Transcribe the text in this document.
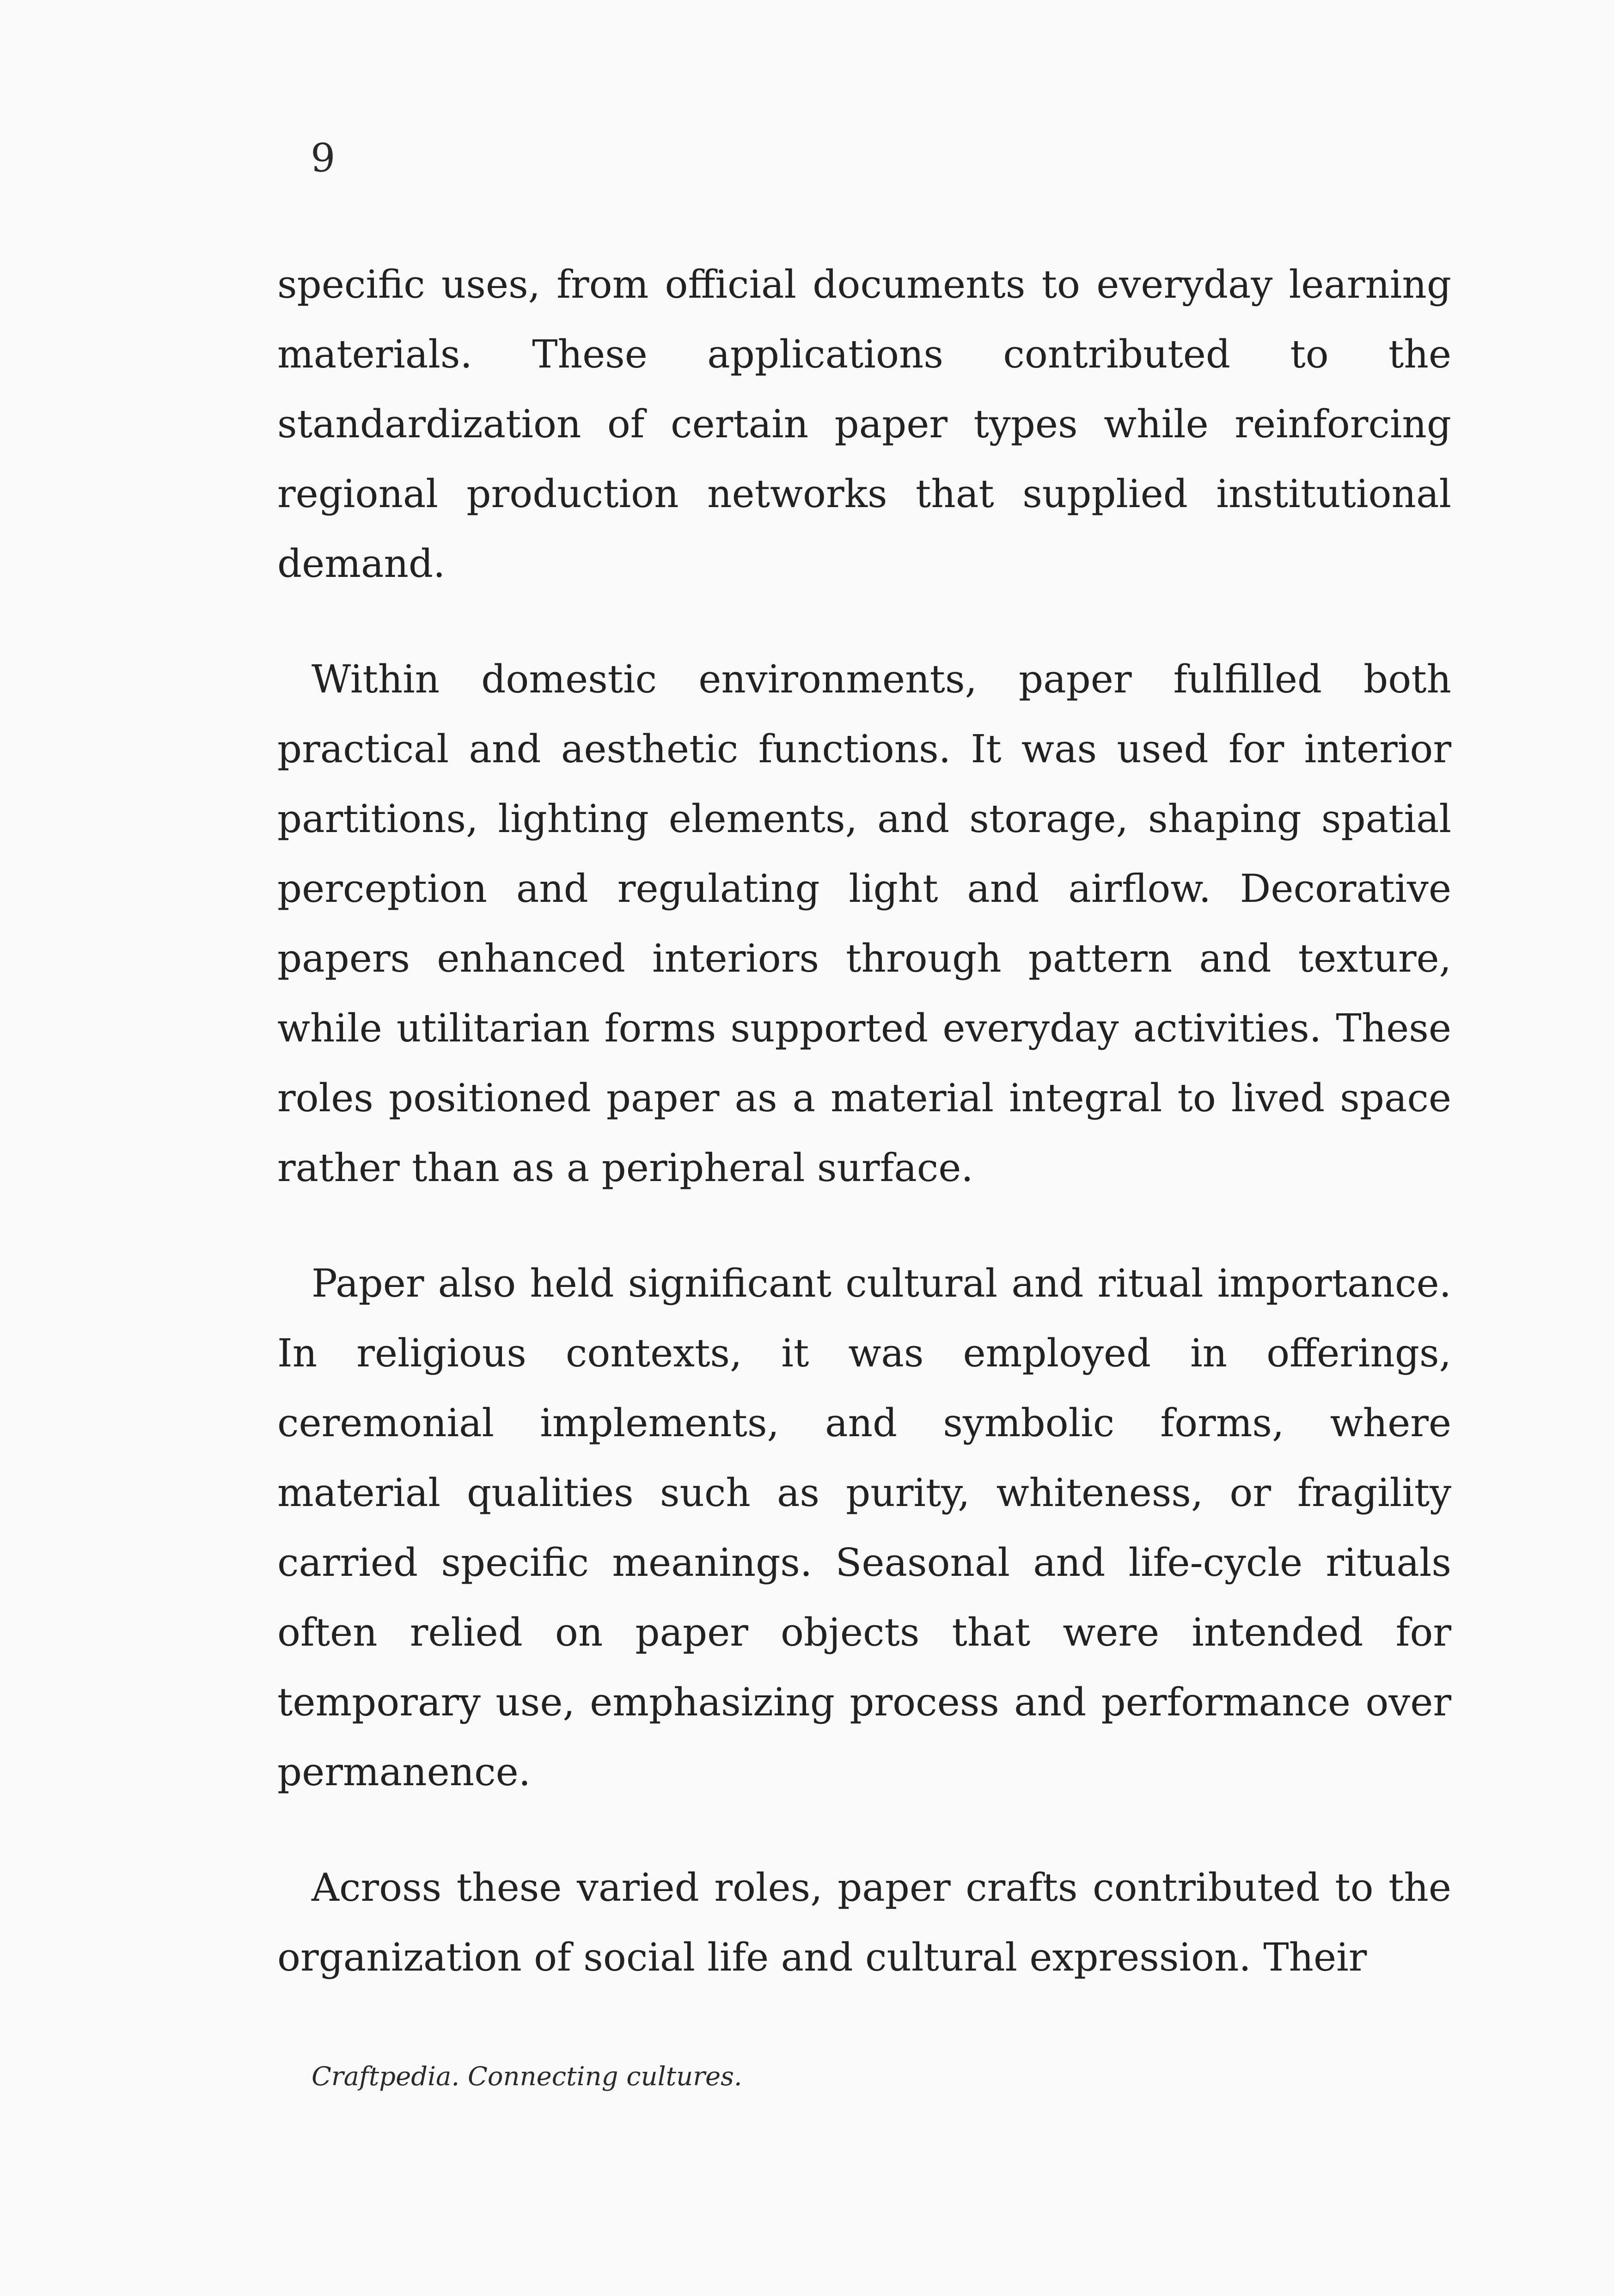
9

specific uses, from official documents to everyday learning materials. These applications contributed to the standardization of certain paper types while reinforcing regional production networks that supplied institutional demand.

Within domestic environments, paper fulfilled both practical and aesthetic functions. It was used for interior partitions, lighting elements, and storage, shaping spatial perception and regulating light and airflow. Decorative papers enhanced interiors through pattern and texture, while utilitarian forms supported everyday activities. These roles positioned paper as a material integral to lived space rather than as a peripheral surface.

Paper also held significant cultural and ritual importance. In religious contexts, it was employed in offerings, ceremonial implements, and symbolic forms, where material qualities such as purity, whiteness, or fragility carried specific meanings. Seasonal and life-cycle rituals often relied on paper objects that were intended for temporary use, emphasizing process and performance over permanence.

Across these varied roles, paper crafts contributed to the organization of social life and cultural expression. Their

Craftpedia. Connecting cultures.
